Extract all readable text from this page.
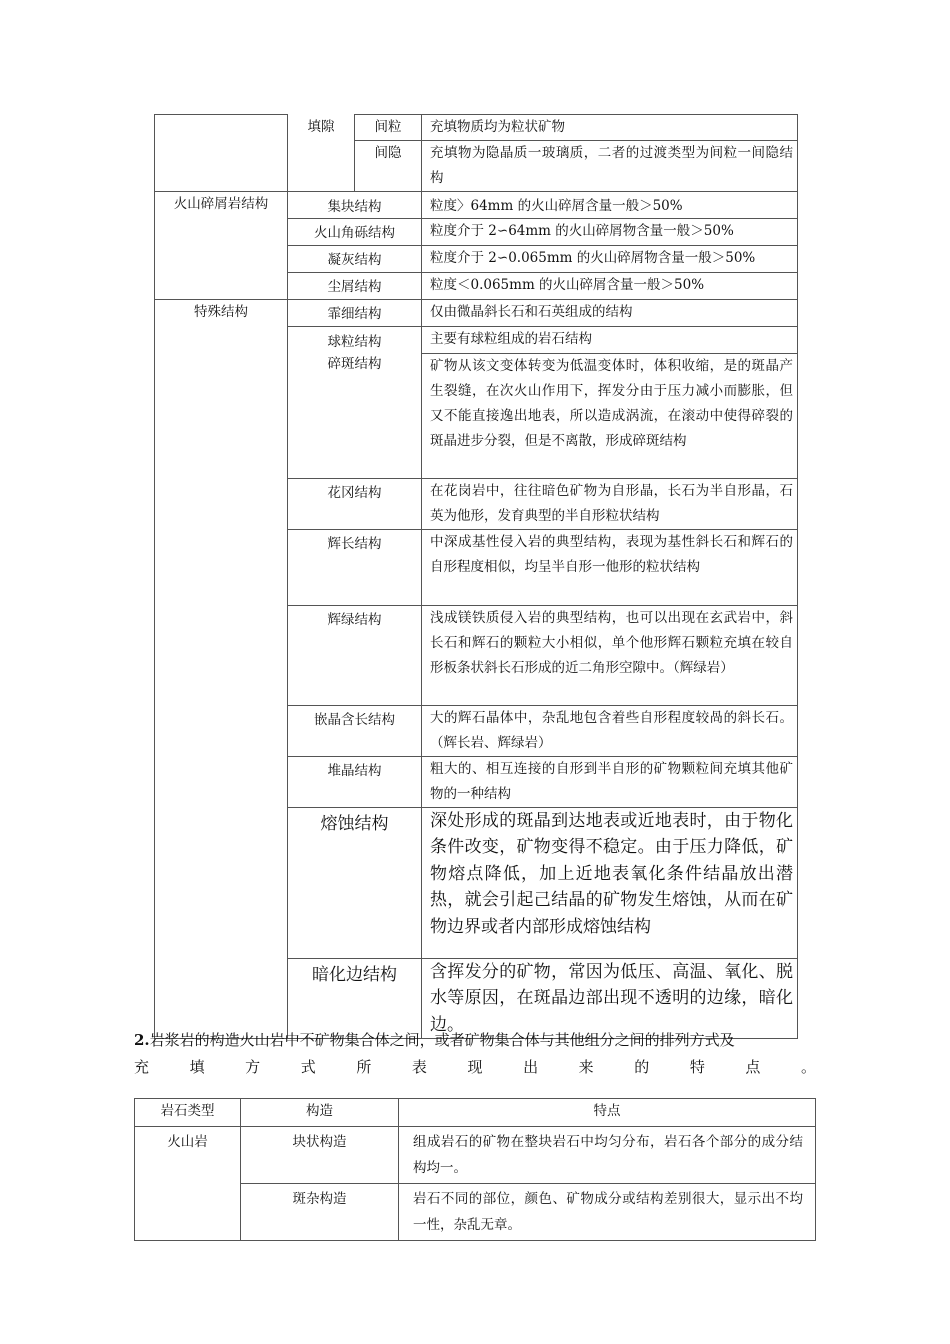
	填隙	间粒	充填物质均为粒状矿物
		间隐	充填物为隐晶质一玻璃质，二者的过渡类型为间粒一间隐结构
火山碎屑岩结构	集块结构		粒度〉64mm 的火山碎屑含量一般＞50%
	火山角砾结构		粒度介于 2∽64mm 的火山碎屑物含量一般＞50%
	凝灰结构		粒度介于 2∽0.065mm 的火山碎屑物含量一般＞50%
	尘屑结构		粒度＜0.065mm 的火山碎屑含量一般＞50%
特殊结构	霏细结构		仅由微晶斜长石和石英组成的结构
	球粒结构		主要有球粒组成的岩石结构
	碎斑结构		矿物从该文变体转变为低温变体时，体积收缩，是的斑晶产生裂缝，在次火山作用下，挥发分由于压力减小而膨胀，但又不能直接逸出地表，所以造成涡流，在滚动中使得碎裂的斑晶进步分裂，但是不离散，形成碎斑结构
	花冈结构		在花岗岩中，往往暗色矿物为自形晶，长石为半自形晶，石英为他形，发育典型的半自形粒状结构
	辉长结构		中深成基性侵入岩的典型结构，表现为基性斜长石和辉石的自形程度相似，均呈半自形一他形的粒状结构
	辉绿结构		浅成镁铁质侵入岩的典型结构，也可以出现在玄武岩中，斜长石和辉石的颗粒大小相似，单个他形辉石颗粒充填在较自形板条状斜长石形成的近二角形空隙中。（辉绿岩）
	嵌晶含长结构		大的辉石晶体中，杂乱地包含着些自形程度较咼的斜长石。（辉长岩、辉绿岩）
	堆晶结构		粗大的、相互连接的自形到半自形的矿物颗粒间充填其他矿物的一种结构
	熔蚀结构		深处形成的斑晶到达地表或近地表时，由于物化条件改变，矿物变得不稳定。由于压力降低，矿物熔点降低，加上近地表氧化条件结晶放出潜热，就会引起己结晶的矿物发生熔蚀，从而在矿物边界或者内部形成熔蚀结构
	暗化边结构		含挥发分的矿物，常因为低压、高温、氧化、脱水等原因，在斑晶边部出现不透明的边缘，暗化边。
2.岩浆岩的构造火山岩中不矿物集合体之间，或者矿物集合体与其他组分之间的排列方式及
充 填 方 式 所 表 现 出 来 的 特 点 。
岩石类型	构造	特点
火山岩	块状构造	组成岩石的矿物在整块岩石中均匀分布，岩石各个部分的成分结构均一。
	斑杂构造	岩石不同的部位，颜色、矿物成分或结构差别很大，显示出不均一性，杂乱无章。
